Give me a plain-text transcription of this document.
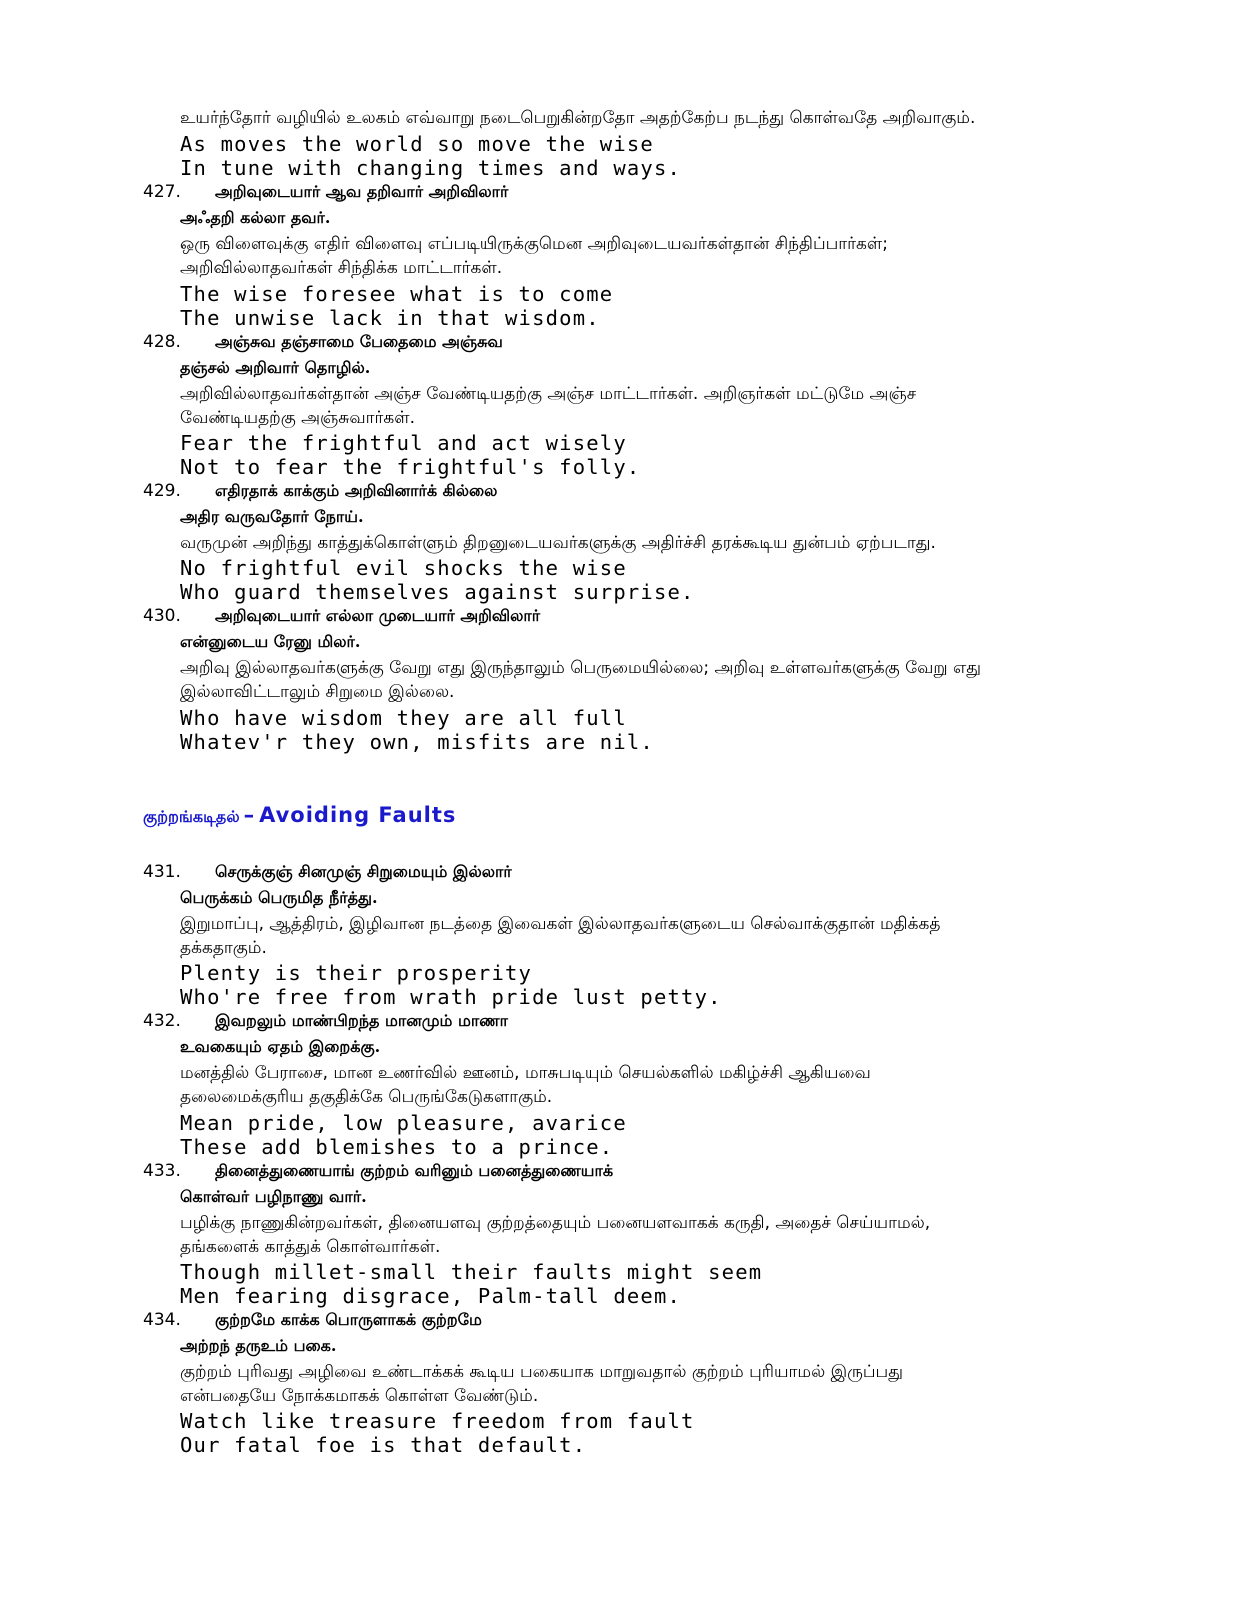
உயர்ந்தோர் வழியில் உலகம் எவ்வாறு நடைபெறுகின்றதோ அதற்கேற்ப நடந்து கொள்வதே அறிவாகும்.
As moves the world so move the wise
In tune with changing times and ways.
427. அறிவுடையார் ஆவ தறிவார் அறிவிலார்
அஃதறி கல்லா தவர்.
ஒரு விளைவுக்கு எதிர் விளைவு எப்படியிருக்குமென அறிவுடையவர்கள்தான் சிந்திப்பார்கள்;
அறிவில்லாதவர்கள் சிந்திக்க மாட்டார்கள்.
The wise foresee what is to come
The unwise lack in that wisdom.
428. அஞ்சுவ தஞ்சாமை பேதைமை அஞ்சுவ
தஞ்சல் அறிவார் தொழில்.
அறிவில்லாதவர்கள்தான் அஞ்ச வேண்டியதற்கு அஞ்ச மாட்டார்கள். அறிஞர்கள் மட்டுமே அஞ்ச
வேண்டியதற்கு அஞ்சுவார்கள்.
Fear the frightful and act wisely
Not to fear the frightful's folly.
429. எதிரதாக் காக்கும் அறிவினார்க் கில்லை
அதிர வருவதோர் நோய்.
வருமுன் அறிந்து காத்துக்கொள்ளும் திறனுடையவர்களுக்கு அதிர்ச்சி தரக்கூடிய துன்பம் ஏற்படாது.
No frightful evil shocks the wise
Who guard themselves against surprise.
430. அறிவுடையார் எல்லா முடையார் அறிவிலார்
என்னுடைய ரேனு மிலர்.
அறிவு இல்லாதவர்களுக்கு வேறு எது இருந்தாலும் பெருமையில்லை; அறிவு உள்ளவர்களுக்கு வேறு எது
இல்லாவிட்டாலும் சிறுமை இல்லை.
Who have wisdom they are all full
Whatev'r they own, misfits are nil.
குற்றங்கடிதல் – Avoiding Faults
431. செருக்குஞ் சினமுஞ் சிறுமையும் இல்லார்
பெருக்கம் பெருமித நீர்த்து.
இறுமாப்பு, ஆத்திரம், இழிவான நடத்தை இவைகள் இல்லாதவர்களுடைய செல்வாக்குதான் மதிக்கத்
தக்கதாகும்.
Plenty is their prosperity
Who're free from wrath pride lust petty.
432. இவறலும் மாண்பிறந்த மானமும் மாணா
உவகையும் ஏதம் இறைக்கு.
மனத்தில் பேராசை, மான உணர்வில் ஊனம், மாசுபடியும் செயல்களில் மகிழ்ச்சி ஆகியவை
தலைமைக்குரிய தகுதிக்கே பெருங்கேடுகளாகும்.
Mean pride, low pleasure, avarice
These add blemishes to a prince.
433. தினைத்துணையாங் குற்றம் வரினும் பனைத்துணையாக்
கொள்வர் பழிநாணு வார்.
பழிக்கு நாணுகின்றவர்கள், தினையளவு குற்றத்தையும் பனையளவாகக் கருதி, அதைச் செய்யாமல்,
தங்களைக் காத்துக் கொள்வார்கள்.
Though millet-small their faults might seem
Men fearing disgrace, Palm-tall deem.
434. குற்றமே காக்க பொருளாகக் குற்றமே
அற்றந் தருஉம் பகை.
குற்றம் புரிவது அழிவை உண்டாக்கக் கூடிய பகையாக மாறுவதால் குற்றம் புரியாமல் இருப்பது
என்பதையே நோக்கமாகக் கொள்ள வேண்டும்.
Watch like treasure freedom from fault
Our fatal foe is that default.
